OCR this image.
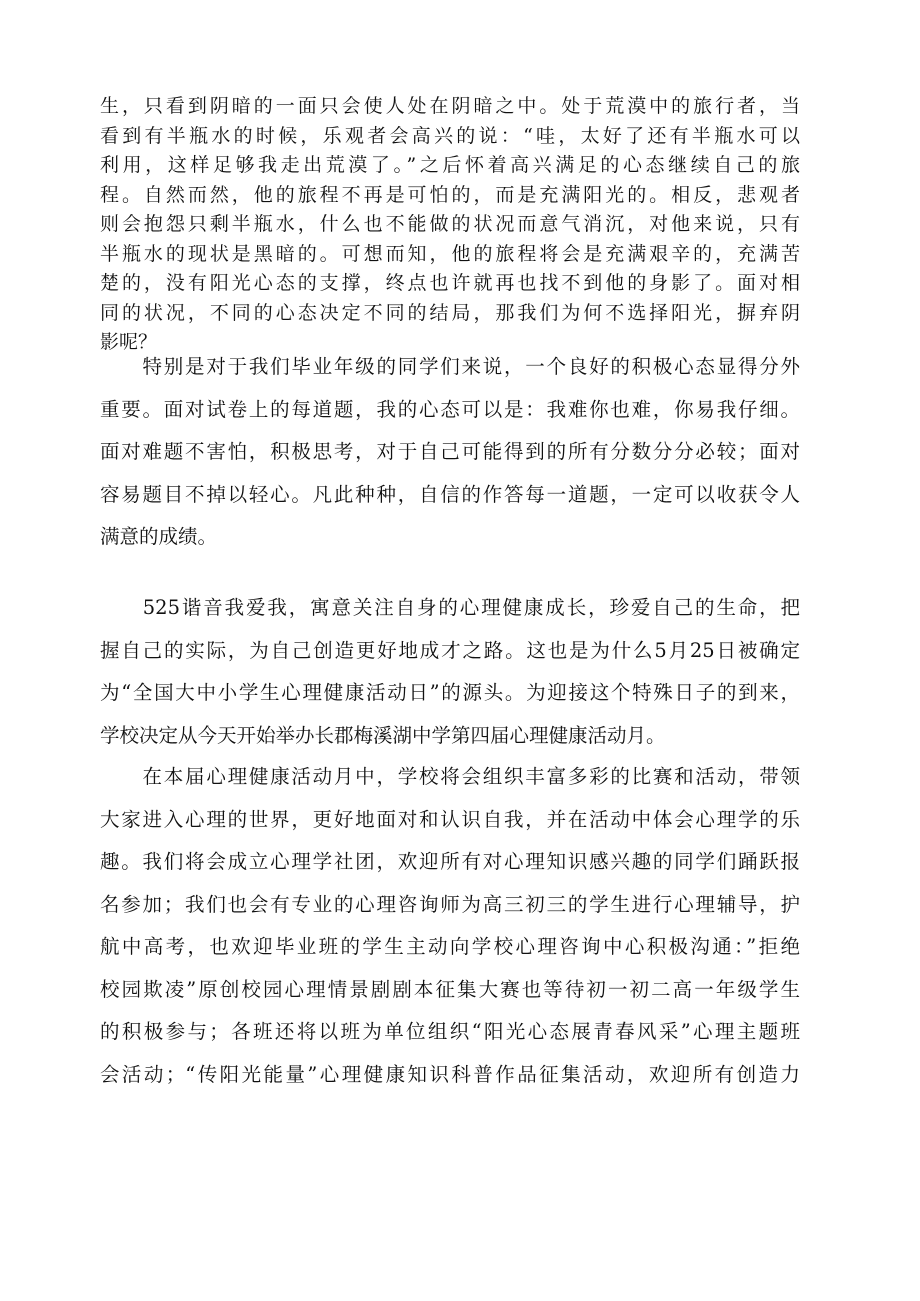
生，只看到阴暗的一面只会使人处在阴暗之中。处于荒漠中的旅行者，当
看到有半瓶水的时候，乐观者会高兴的说：“哇，太好了还有半瓶水可以
利用，这样足够我走出荒漠了。”之后怀着高兴满足的心态继续自己的旅
程。自然而然，他的旅程不再是可怕的，而是充满阳光的。相反，悲观者
则会抱怨只剩半瓶水，什么也不能做的状况而意气消沉，对他来说，只有
半瓶水的现状是黑暗的。可想而知，他的旅程将会是充满艰辛的，充满苦
楚的，没有阳光心态的支撑，终点也许就再也找不到他的身影了。面对相
同的状况，不同的心态决定不同的结局，那我们为何不选择阳光，摒弃阴
影呢？
　　特别是对于我们毕业年级的同学们来说，一个良好的积极心态显得分外
重要。面对试卷上的每道题，我的心态可以是：我难你也难，你易我仔细。
面对难题不害怕，积极思考，对于自己可能得到的所有分数分分必较；面对
容易题目不掉以轻心。凡此种种，自信的作答每一道题，一定可以收获令人
满意的成绩。
　　525谐音我爱我，寓意关注自身的心理健康成长，珍爱自己的生命，把
握自己的实际，为自己创造更好地成才之路。这也是为什么5月25日被确定
为“全国大中小学生心理健康活动日”的源头。为迎接这个特殊日子的到来，
学校决定从今天开始举办长郡梅溪湖中学第四届心理健康活动月。
　　在本届心理健康活动月中，学校将会组织丰富多彩的比赛和活动，带领
大家进入心理的世界，更好地面对和认识自我，并在活动中体会心理学的乐
趣。我们将会成立心理学社团，欢迎所有对心理知识感兴趣的同学们踊跃报
名参加；我们也会有专业的心理咨询师为高三初三的学生进行心理辅导，护
航中高考，也欢迎毕业班的学生主动向学校心理咨询中心积极沟通：”拒绝
校园欺凌”原创校园心理情景剧剧本征集大赛也等待初一初二高一年级学生
的积极参与；各班还将以班为单位组织“阳光心态展青春风采”心理主题班
会活动；“传阳光能量”心理健康知识科普作品征集活动，欢迎所有创造力
